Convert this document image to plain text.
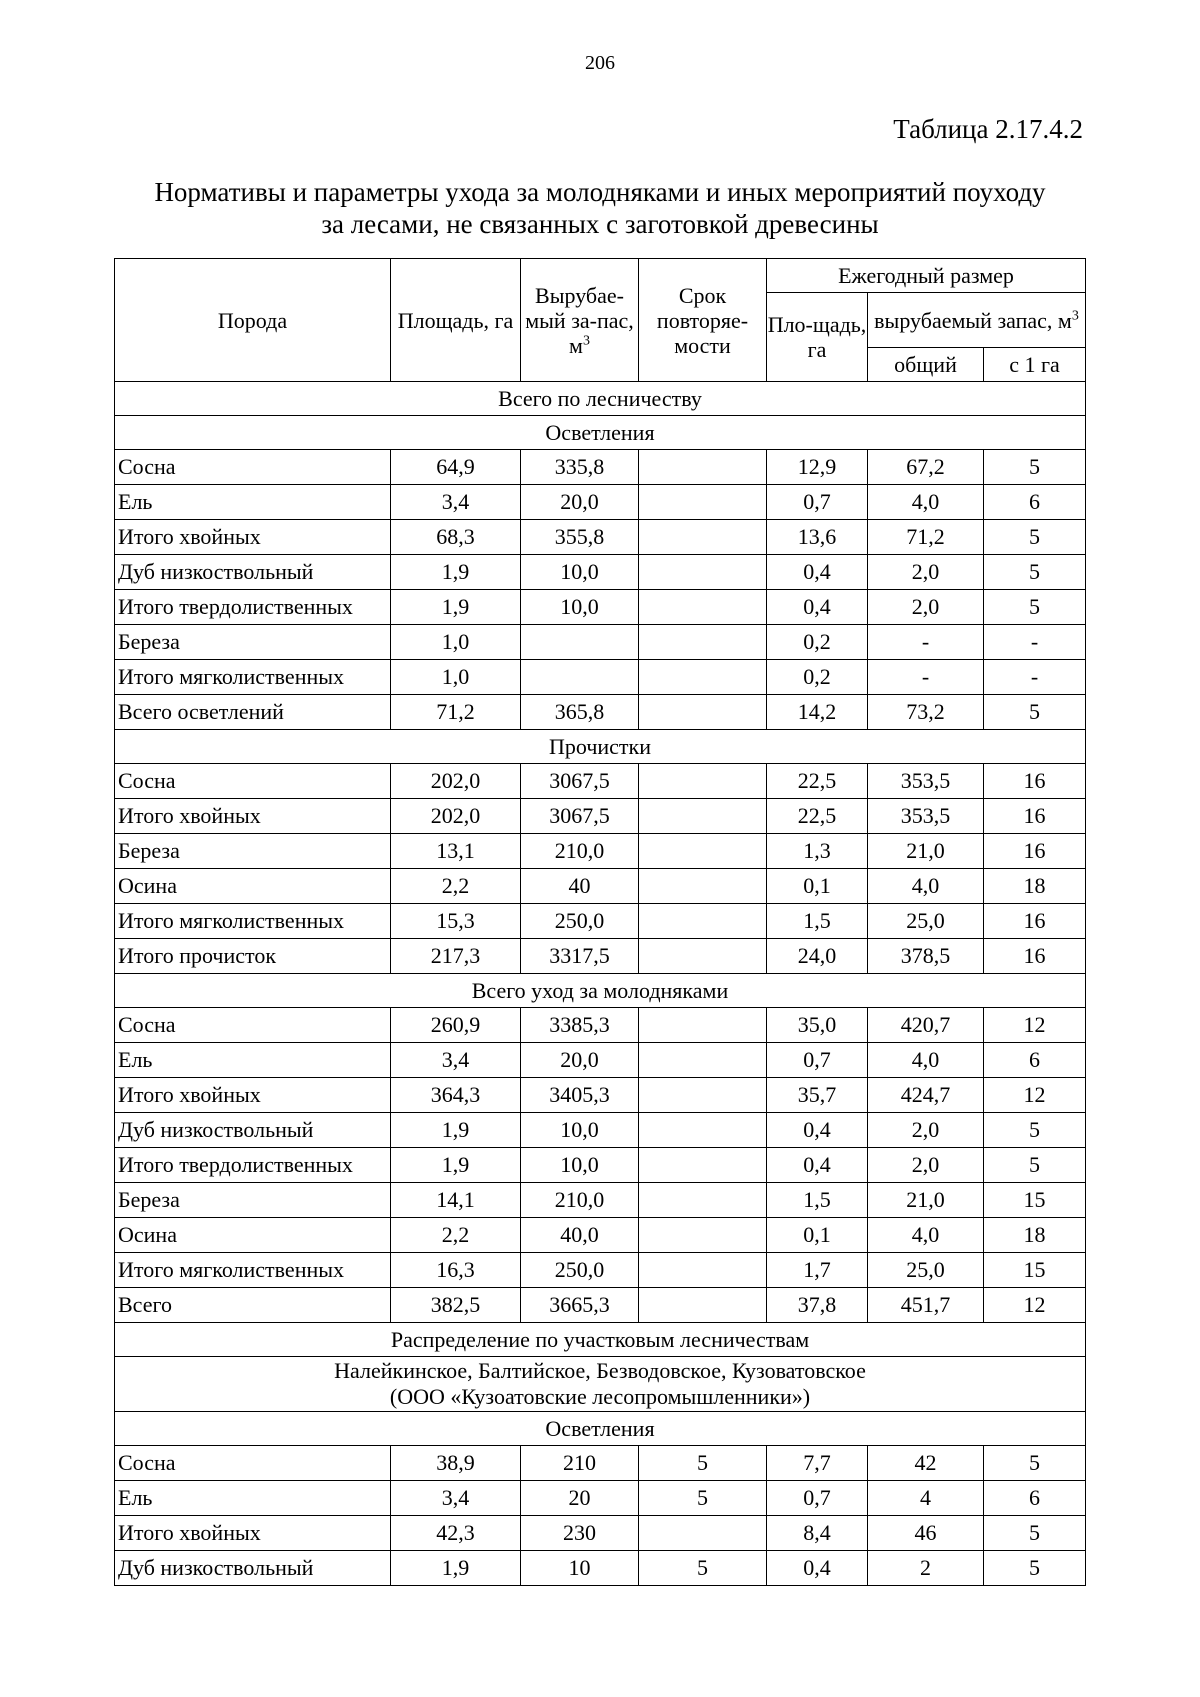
206
Таблица 2.17.4.2
Нормативы и параметры ухода за молодняками и иных мероприятий поуходу
за лесами, не связанных с заготовкой древесины
Порода	Площадь, га	Вырубае-мый за-пас, $м^3$	Срок повторяе-мости	Ежегодный размер		
				Пло-щадь, га	вырубаемый запас, $м^3$
					общий	с 1 га
Всего по лесничеству						
Осветления						
Сосна	64,9	335,8		12,9	67,2	5
Ель	3,4	20,0		0,7	4,0	6
Итого хвойных	68,3	355,8		13,6	71,2	5
Дуб низкоствольный	1,9	10,0		0,4	2,0	5
Итого твердолиственных	1,9	10,0		0,4	2,0	5
Береза	1,0			0,2	-	-
Итого мягколиственных	1,0			0,2	-	-
Всего осветлений	71,2	365,8		14,2	73,2	5
Прочистки						
Сосна	202,0	3067,5		22,5	353,5	16
Итого хвойных	202,0	3067,5		22,5	353,5	16
Береза	13,1	210,0		1,3	21,0	16
Осина	2,2	40		0,1	4,0	18
Итого мягколиственных	15,3	250,0		1,5	25,0	16
Итого прочисток	217,3	3317,5		24,0	378,5	16
Всего уход за молодняками						
Сосна	260,9	3385,3		35,0	420,7	12
Ель	3,4	20,0		0,7	4,0	6
Итого хвойных	364,3	3405,3		35,7	424,7	12
Дуб низкоствольный	1,9	10,0		0,4	2,0	5
Итого твердолиственных	1,9	10,0		0,4	2,0	5
Береза	14,1	210,0		1,5	21,0	15
Осина	2,2	40,0		0,1	4,0	18
Итого мягколиственных	16,3	250,0		1,7	25,0	15
Всего	382,5	3665,3		37,8	451,7	12
Распределение по участковым лесничествам						

Налейкинское, Балтийское, Безводовское, Кузоватовское
(ООО «Кузоатовские лесопромышленники»)						

Осветления						
Сосна	38,9	210	5	7,7	42	5
Ель	3,4	20	5	0,7	4	6
Итого хвойных	42,3	230		8,4	46	5
Дуб низкоствольный	1,9	10	5	0,4	2	5
